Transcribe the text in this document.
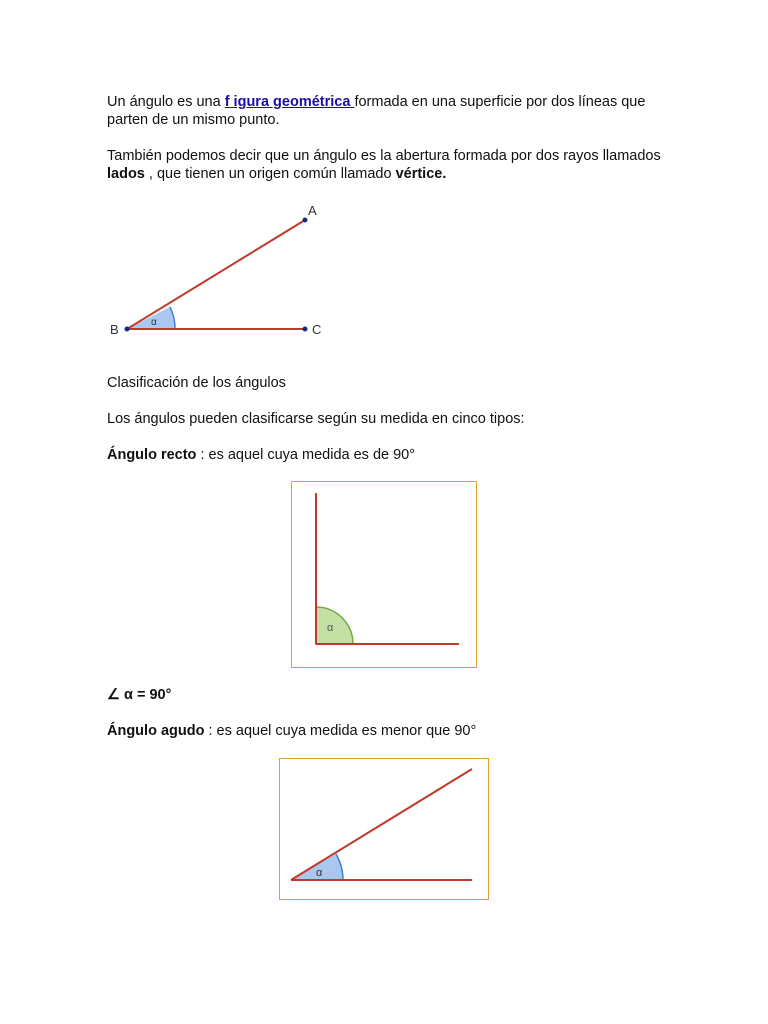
Un ángulo es una f igura geométrica formada en una superficie por dos líneas que parten de un mismo punto.

También podemos decir que un ángulo es la abertura formada por dos rayos llamados lados , que tienen un origen común llamado vértice.

A
B	C
α

Clasificación de los ángulos

Los ángulos pueden clasificarse según su medida en cinco tipos:

Ángulo recto : es aquel cuya medida es de 90°

α

∠ α = 90°

Ángulo agudo : es aquel cuya medida es menor que 90°

α
